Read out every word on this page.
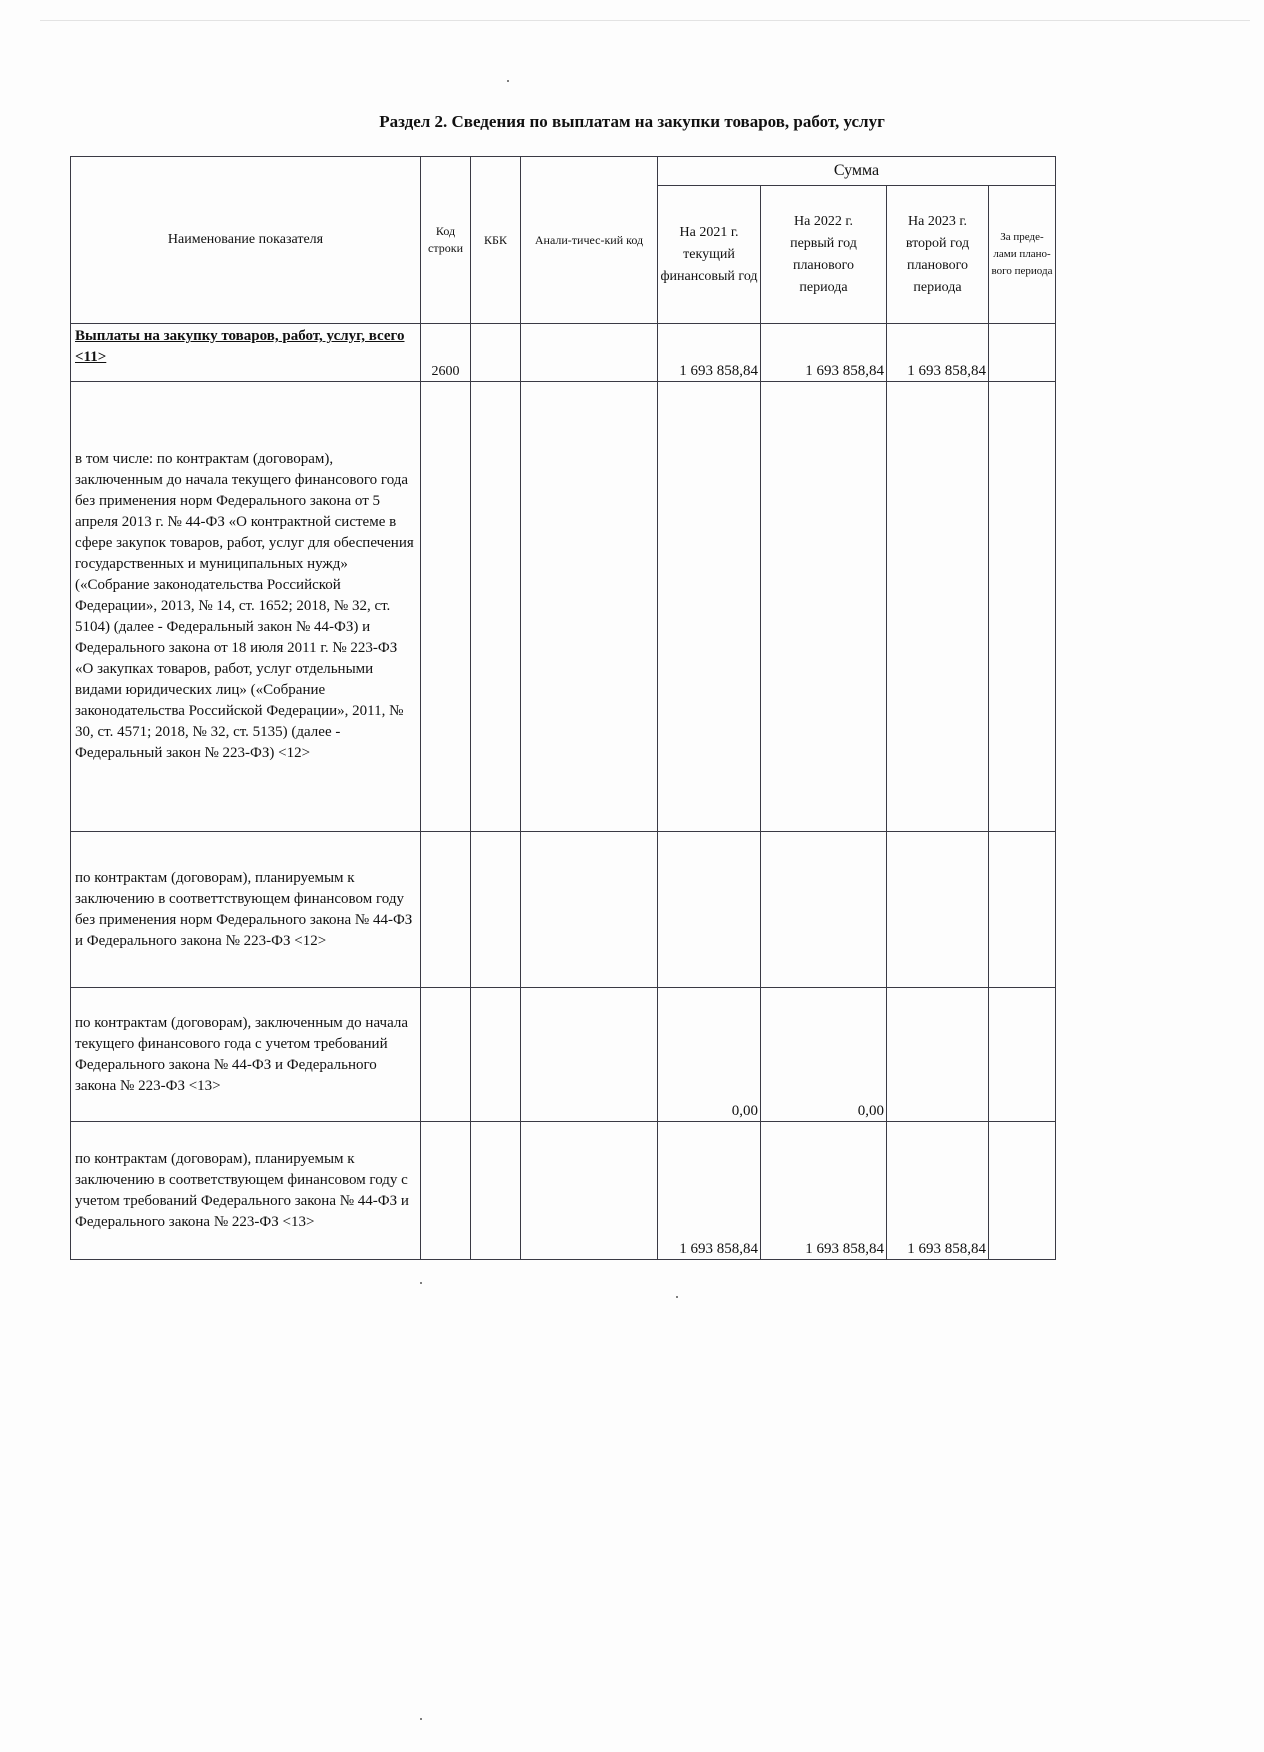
Раздел 2. Сведения по выплатам на закупки товаров, работ, услуг
Наименование показателя	Код строки	КБК	Анали-тичес-кий код	Сумма			
				На 2021 г. текущий финансовый год	На 2022 г. первый год планового периода	На 2023 г. второй год планового периода	За преде-лами плано-вого периода
Выплаты на закупку товаров, работ, услуг, всего <11>	2600			1 693 858,84	1 693 858,84	1 693 858,84	
в том числе: по контрактам (договорам), заключенным до начала текущего финансового года без применения норм Федерального закона от 5 апреля 2013 г. № 44-ФЗ «О контрактной системе в сфере закупок товаров, работ, услуг для обеспечения государственных и муниципальных нужд» («Собрание законодательства Российской Федерации», 2013, № 14, ст. 1652; 2018, № 32, ст. 5104) (далее - Федеральный закон № 44-ФЗ) и Федерального закона от 18 июля 2011 г. № 223-ФЗ «О закупках товаров, работ, услуг отдельными видами юридических лиц» («Собрание законодательства Российской Федерации», 2011, № 30, ст. 4571; 2018, № 32, ст. 5135) (далее - Федеральный закон № 223-ФЗ) <12>							
по контрактам (договорам), планируемым к заключению в соответтствующем финансовом году без применения норм Федерального закона № 44-ФЗ и Федерального закона № 223-ФЗ <12>							
по контрактам (договорам), заключенным до начала текущего финансового года с учетом требований Федерального закона № 44-ФЗ и Федерального закона № 223-ФЗ <13>				0,00	0,00		
по контрактам (договорам), планируемым к заключению в соответствующем финансовом году с учетом требований Федерального закона № 44-ФЗ и Федерального закона № 223-ФЗ <13>				1 693 858,84	1 693 858,84	1 693 858,84	
